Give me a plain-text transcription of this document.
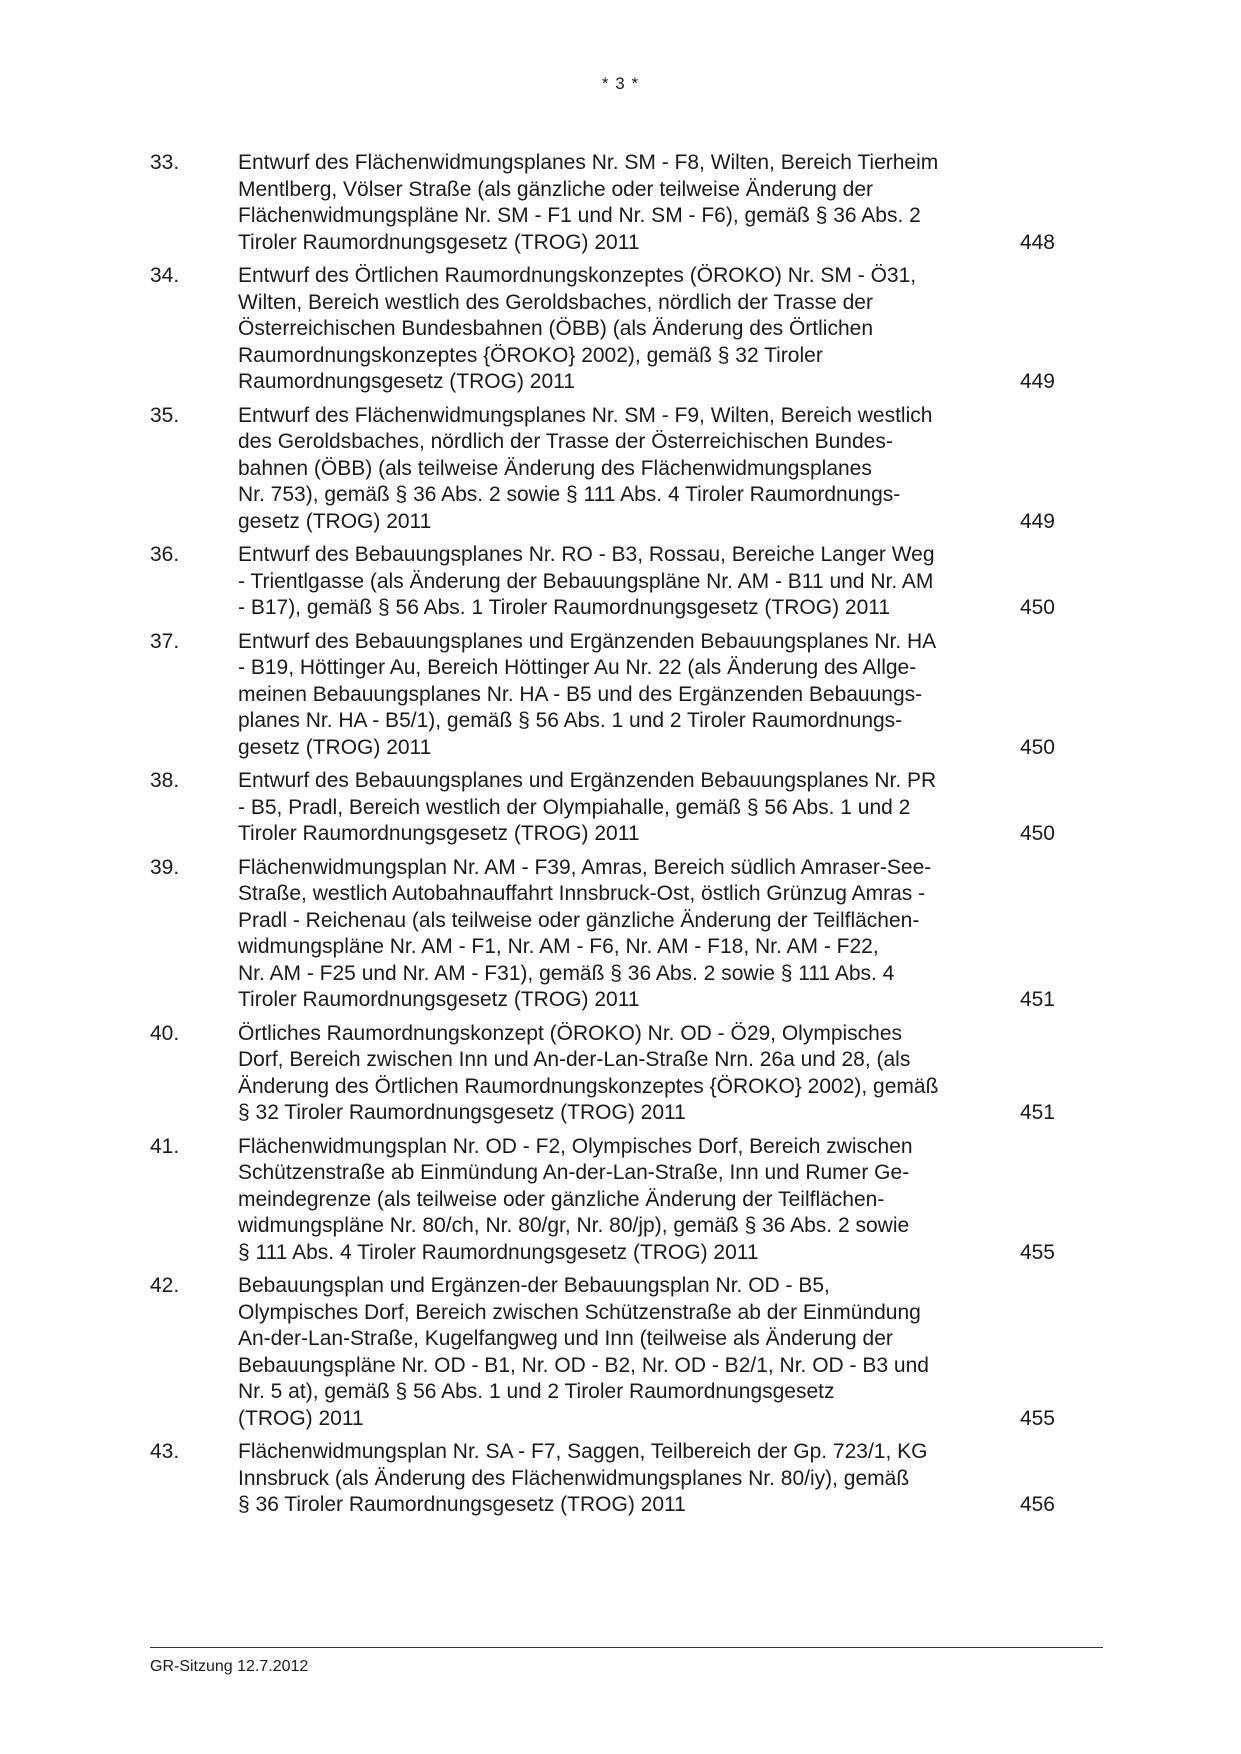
* 3 *
33.	Entwurf des Flächenwidmungsplanes Nr. SM - F8, Wilten, Bereich Tierheim
Mentlberg, Völser Straße (als gänzliche oder teilweise Änderung der
Flächenwidmungspläne Nr. SM - F1 und Nr. SM - F6), gemäß § 36 Abs. 2
Tiroler Raumordnungsgesetz (TROG) 2011	448
34.	Entwurf des Örtlichen Raumordnungskonzeptes (ÖROKO) Nr. SM - Ö31,
Wilten, Bereich westlich des Geroldsbaches, nördlich der Trasse der
Österreichischen Bundesbahnen (ÖBB) (als Änderung des Örtlichen
Raumordnungskonzeptes {ÖROKO} 2002), gemäß § 32 Tiroler
Raumordnungsgesetz (TROG) 2011	449
35.	Entwurf des Flächenwidmungsplanes Nr. SM - F9, Wilten, Bereich westlich
des Geroldsbaches, nördlich der Trasse der Österreichischen Bundes-
bahnen (ÖBB) (als teilweise Änderung des Flächenwidmungsplanes
Nr. 753), gemäß § 36 Abs. 2 sowie § 111 Abs. 4 Tiroler Raumordnungs-
gesetz (TROG) 2011	449
36.	Entwurf des Bebauungsplanes Nr. RO - B3, Rossau, Bereiche Langer Weg
- Trientlgasse (als Änderung der Bebauungspläne Nr. AM - B11 und Nr. AM
- B17), gemäß § 56 Abs. 1 Tiroler Raumordnungsgesetz (TROG) 2011	450
37.	Entwurf des Bebauungsplanes und Ergänzenden Bebauungsplanes Nr. HA
- B19, Höttinger Au, Bereich Höttinger Au Nr. 22 (als Änderung des Allge-
meinen Bebauungsplanes Nr. HA - B5 und des Ergänzenden Bebauungs-
planes Nr. HA - B5/1), gemäß § 56 Abs. 1 und 2 Tiroler Raumordnungs-
gesetz (TROG) 2011	450
38.	Entwurf des Bebauungsplanes und Ergänzenden Bebauungsplanes Nr. PR
- B5, Pradl, Bereich westlich der Olympiahalle, gemäß § 56 Abs. 1 und 2
Tiroler Raumordnungsgesetz (TROG) 2011	450
39.	Flächenwidmungsplan Nr. AM - F39, Amras, Bereich südlich Amraser-See-
Straße, westlich Autobahnauffahrt Innsbruck-Ost, östlich Grünzug Amras -
Pradl - Reichenau (als teilweise oder gänzliche Änderung der Teilflächen-
widmungspläne Nr. AM - F1, Nr. AM - F6, Nr. AM - F18, Nr. AM - F22,
Nr. AM - F25 und Nr. AM - F31), gemäß § 36 Abs. 2 sowie § 111 Abs. 4
Tiroler Raumordnungsgesetz (TROG) 2011	451
40.	Örtliches Raumordnungskonzept (ÖROKO) Nr. OD - Ö29, Olympisches
Dorf, Bereich zwischen Inn und An-der-Lan-Straße Nrn. 26a und 28, (als
Änderung des Örtlichen Raumordnungskonzeptes {ÖROKO} 2002), gemäß
§ 32 Tiroler Raumordnungsgesetz (TROG) 2011	451
41.	Flächenwidmungsplan Nr. OD - F2, Olympisches Dorf, Bereich zwischen
Schützenstraße ab Einmündung An-der-Lan-Straße, Inn und Rumer Ge-
meindegrenze (als teilweise oder gänzliche Änderung der Teilflächen-
widmungspläne Nr. 80/ch, Nr. 80/gr, Nr. 80/jp), gemäß § 36 Abs. 2 sowie
§ 111 Abs. 4 Tiroler Raumordnungsgesetz (TROG) 2011	455
42.	Bebauungsplan und Ergänzen-der Bebauungsplan Nr. OD - B5,
Olympisches Dorf, Bereich zwischen Schützenstraße ab der Einmündung
An-der-Lan-Straße, Kugelfangweg und Inn (teilweise als Änderung der
Bebauungspläne Nr. OD - B1, Nr. OD - B2, Nr. OD - B2/1, Nr. OD - B3 und
Nr. 5 at), gemäß § 56 Abs. 1 und 2 Tiroler Raumordnungsgesetz
(TROG) 2011	455
43.	Flächenwidmungsplan Nr. SA - F7, Saggen, Teilbereich der Gp. 723/1, KG
Innsbruck (als Änderung des Flächenwidmungsplanes Nr. 80/iy), gemäß
§ 36 Tiroler Raumordnungsgesetz (TROG) 2011	456
GR-Sitzung 12.7.2012
